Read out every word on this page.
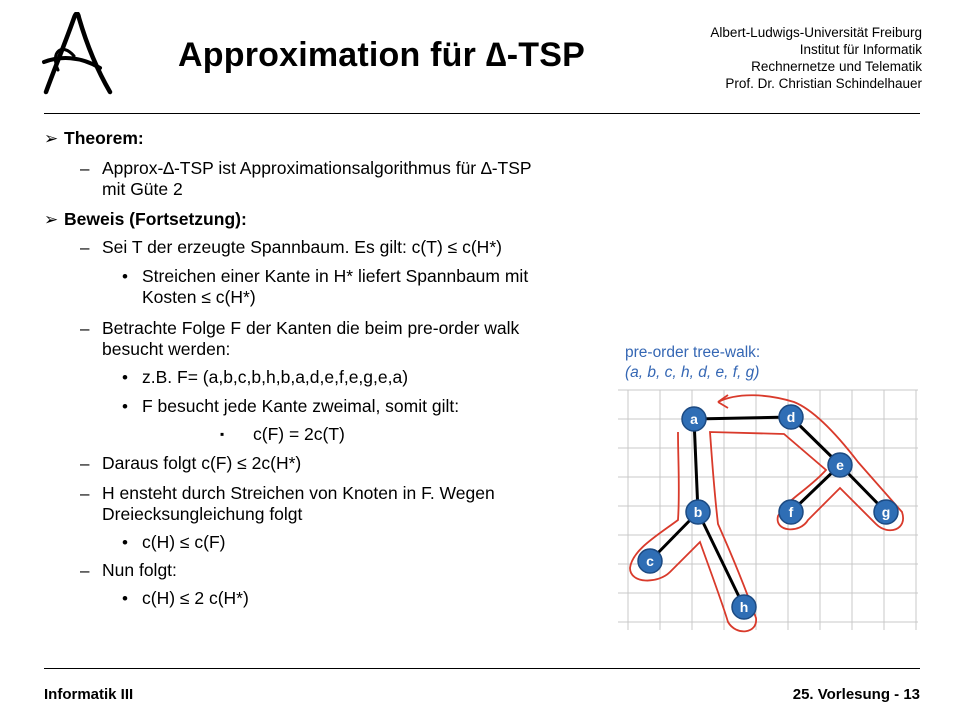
Approximation für ∆-TSP
Albert-Ludwigs-Universität Freiburg
Institut für Informatik
Rechnernetze und Telematik
Prof. Dr. Christian Schindelhauer
➢ Theorem:
– Approx-∆-TSP ist Approximationsalgorithmus für ∆-TSP
mit Güte 2
➢ Beweis (Fortsetzung):
– Sei T der erzeugte Spannbaum. Es gilt: c(T) ≤ c(H*)
• Streichen einer Kante in H* liefert Spannbaum mit
Kosten ≤ c(H*)
– Betrachte Folge F der Kanten die beim pre-order walk
besucht werden:
• z.B. F= (a,b,c,b,h,b,a,d,e,f,e,g,e,a)
• F besucht jede Kante zweimal, somit gilt:
▪ c(F) = 2c(T)
– Daraus folgt c(F) ≤ 2c(H*)
– H ensteht durch Streichen von Knoten in F. Wegen
Dreiecksungleichung folgt
• c(H) ≤ c(F)
– Nun folgt:
• c(H) ≤ 2 c(H*)
a
b
c
d
e
f	g
h
pre-order tree-walk:
(a, b, c, h, d, e, f, g)
Informatik III	25. Vorlesung - 13
